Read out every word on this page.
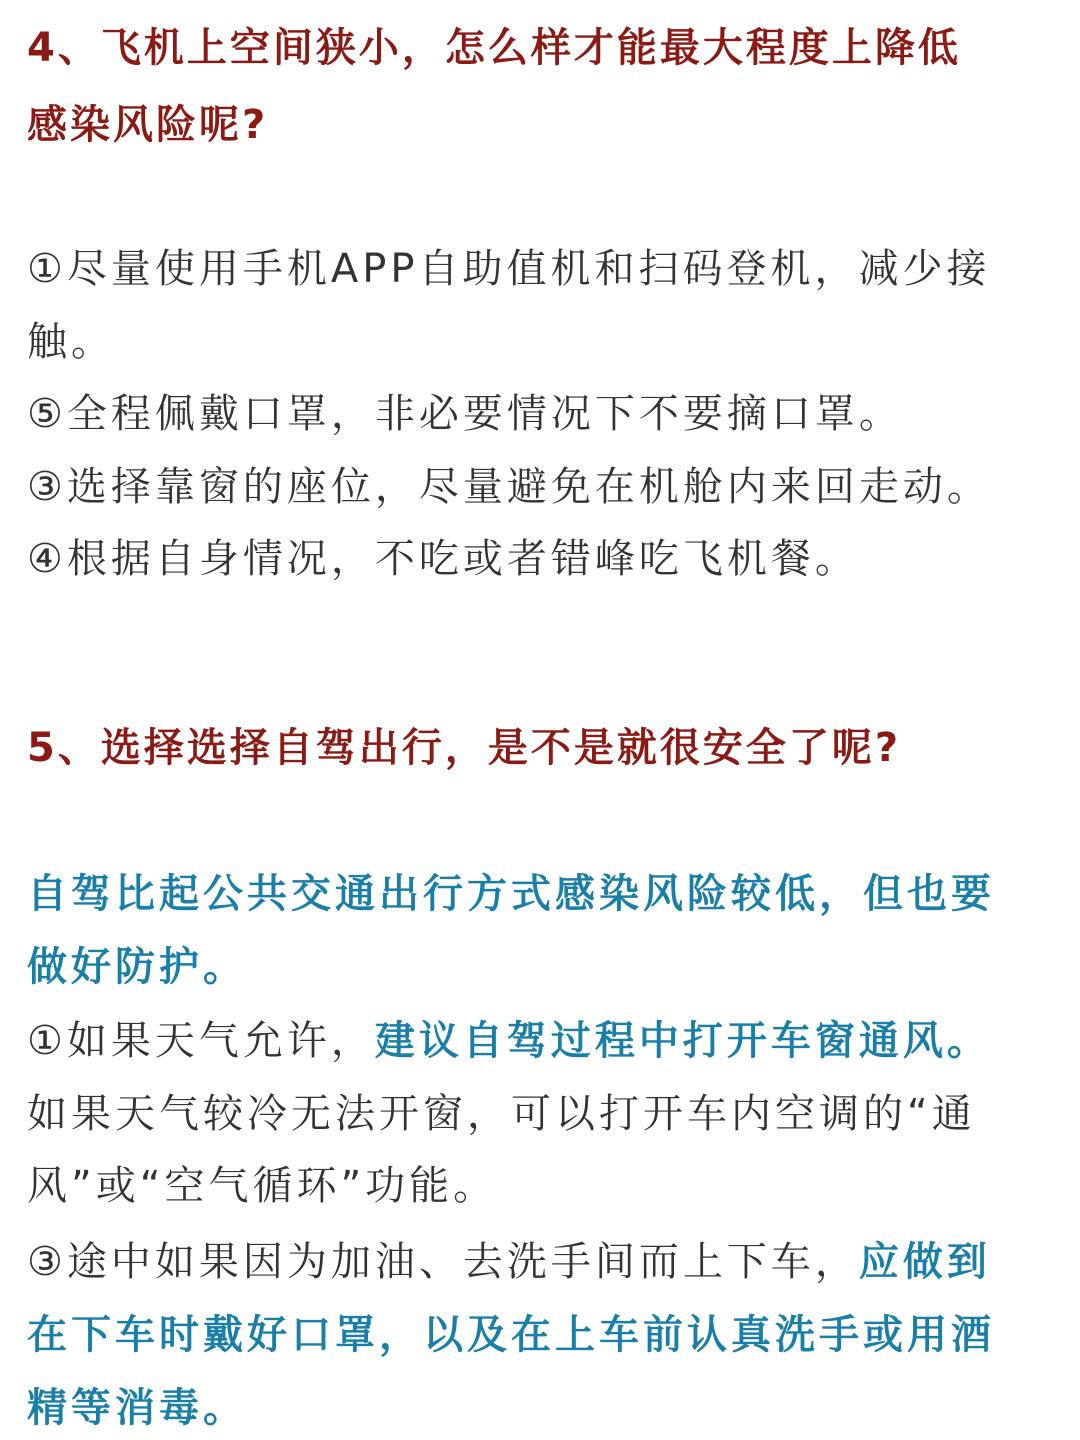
4、飞机上空间狭小，怎么样才能最大程度上降低
感染风险呢?
①尽量使用手机APP自助值机和扫码登机，减少接
触。
⑤全程佩戴口罩，非必要情况下不要摘口罩。
③选择靠窗的座位，尽量避免在机舱内来回走动。
④根据自身情况，不吃或者错峰吃飞机餐。
5、选择选择自驾出行，是不是就很安全了呢?
自驾比起公共交通出行方式感染风险较低，但也要
做好防护。
①如果天气允许，建议自驾过程中打开车窗通风。
如果天气较冷无法开窗，可以打开车内空调的“通
风”或“空气循环”功能。
③途中如果因为加油、去洗手间而上下车，应做到
在下车时戴好口罩，以及在上车前认真洗手或用酒
精等消毒。
